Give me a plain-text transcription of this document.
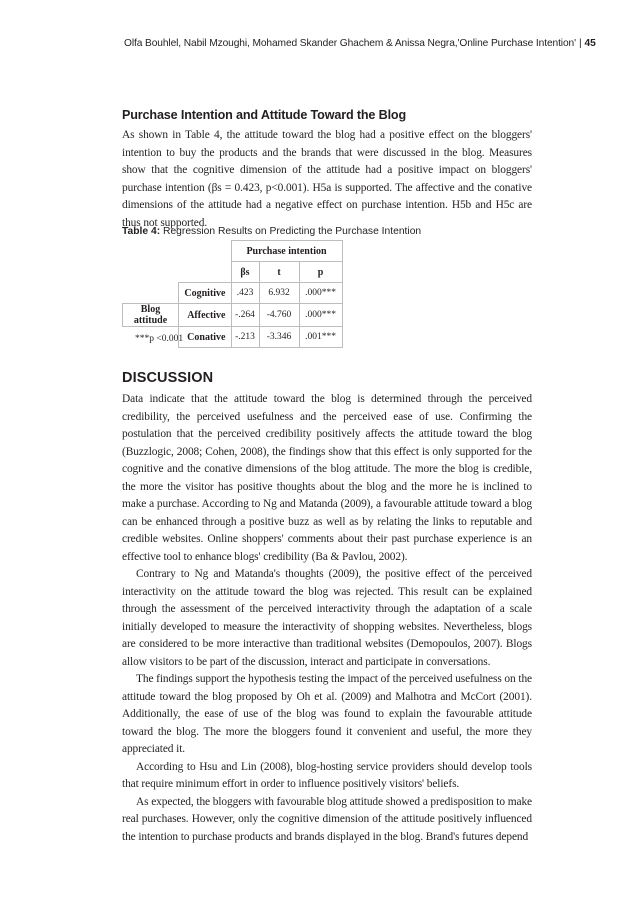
Olfa Bouhlel, Nabil Mzoughi, Mohamed Skander Ghachem & Anissa Negra,'Online Purchase Intention' | 45
Purchase Intention and Attitude Toward the Blog

As shown in Table 4, the attitude toward the blog had a positive effect on the bloggers' intention to buy the products and the brands that were discussed in the blog. Measures show that the cognitive dimension of the attitude had a positive impact on bloggers' purchase intention (βs = 0.423, p<0.001). H5a is supported. The affective and the conative dimensions of the attitude had a negative effect on purchase intention. H5b and H5c are thus not supported.

Table 4: Regression Results on Predicting the Purchase Intention
		Purchase intention		
		βs	t	p
	Cognitive	.423	6.932	.000***
Blog attitude	Affective	-.264	-4.760	.000***
	Conative	-.213	-3.346	.001***
***p <0.001
DISCUSSION

Data indicate that the attitude toward the blog is determined through the perceived credibility, the perceived usefulness and the perceived ease of use. Confirming the postulation that the perceived credibility positively affects the attitude toward the blog (Buzzlogic, 2008; Cohen, 2008), the findings show that this effect is only supported for the cognitive and the conative dimensions of the blog attitude. The more the blog is credible, the more the visitor has positive thoughts about the blog and the more he is inclined to make a purchase. According to Ng and Matanda (2009), a favourable attitude toward a blog can be enhanced through a positive buzz as well as by relating the links to reputable and credible websites. Online shoppers' comments about their past purchase experience is an effective tool to enhance blogs' credibility (Ba & Pavlou, 2002).

Contrary to Ng and Matanda's thoughts (2009), the positive effect of the perceived interactivity on the attitude toward the blog was rejected. This result can be explained through the assessment of the perceived interactivity through the adaptation of a scale initially developed to measure the interactivity of shopping websites. Nevertheless, blogs are considered to be more interactive than traditional websites (Demopoulos, 2007). Blogs allow visitors to be part of the discussion, interact and participate in conversations.

The findings support the hypothesis testing the impact of the perceived usefulness on the attitude toward the blog proposed by Oh et al. (2009) and Malhotra and McCort (2001). Additionally, the ease of use of the blog was found to explain the favourable attitude toward the blog. The more the bloggers found it convenient and useful, the more they appreciated it.

According to Hsu and Lin (2008), blog-hosting service providers should develop tools that require minimum effort in order to influence positively visitors' beliefs.

As expected, the bloggers with favourable blog attitude showed a predisposition to make real purchases. However, only the cognitive dimension of the attitude positively influenced the intention to purchase products and brands displayed in the blog. Brand's futures depend
